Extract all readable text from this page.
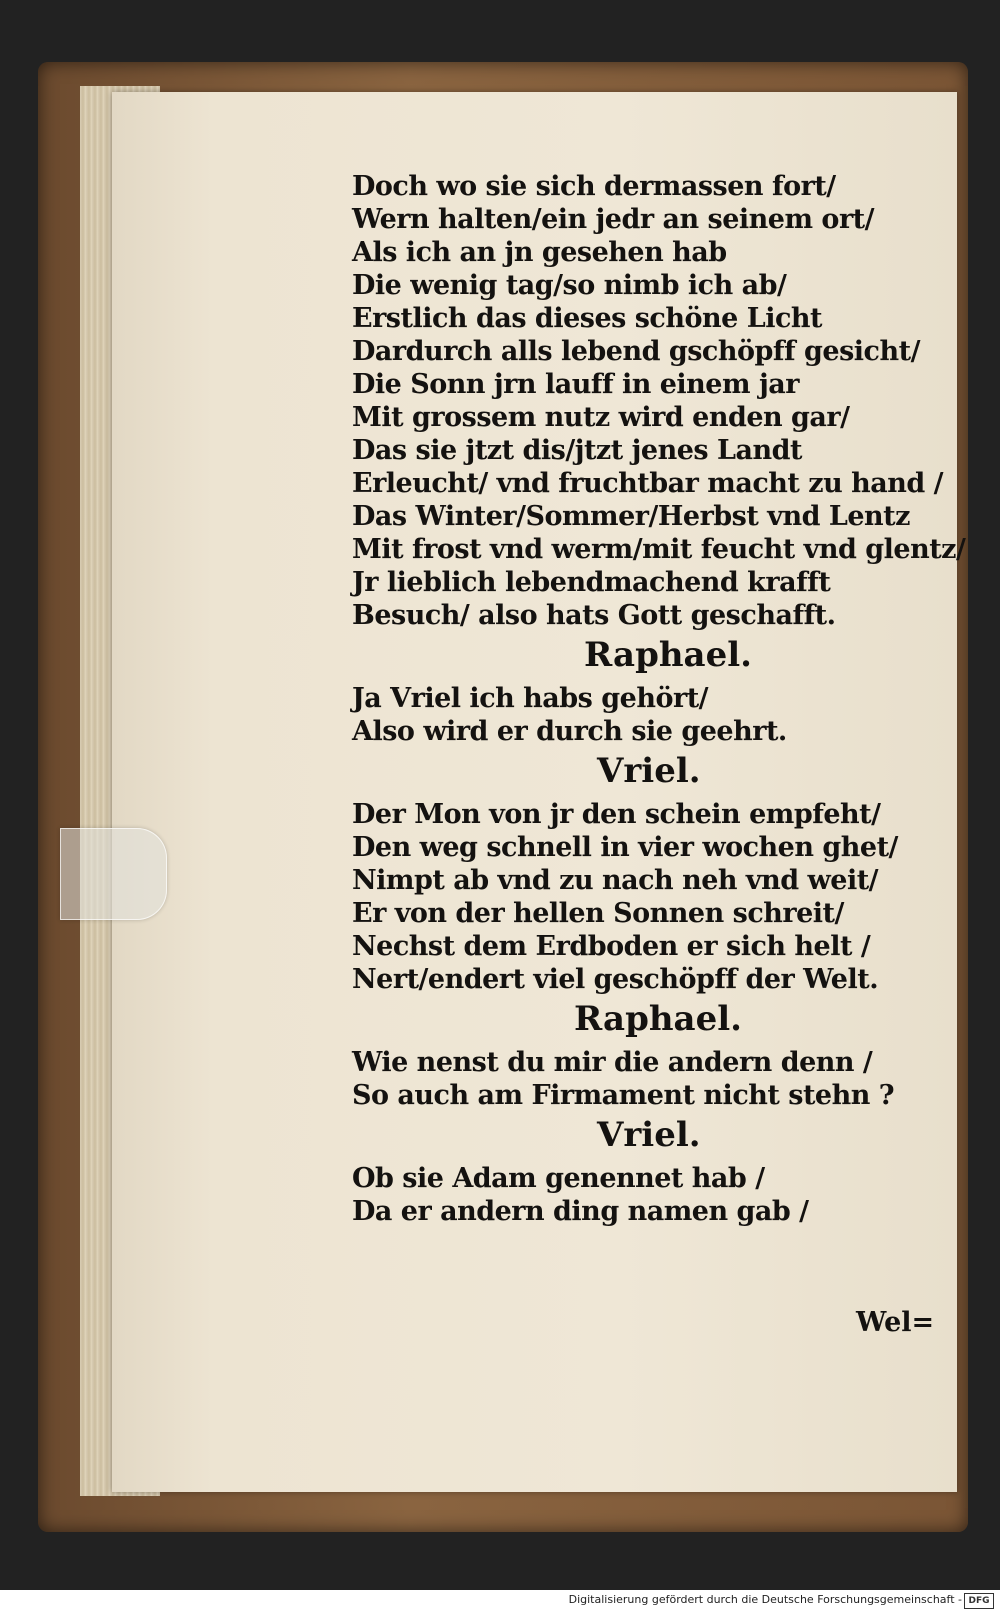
Doch wo sie sich dermassen fort/
Wern halten/ein jedr an seinem ort/
Als ich an jn gesehen hab
Die wenig tag/so nimb ich ab/
Erstlich das dieses schöne Licht
Dardurch alls lebend gschöpff gesicht/
Die Sonn jrn lauff in einem jar
Mit grossem nutz wird enden gar/
Das sie jtzt dis/jtzt jenes Landt
Erleucht/ vnd fruchtbar macht zu hand /
Das Winter/Sommer/Herbst vnd Lentz
Mit frost vnd werm/mit feucht vnd glentz/
Jr lieblich lebendmachend krafft
Besuch/ also hats Gott geschafft.
Raphael.
Ja Vriel ich habs gehört/
Also wird er durch sie geehrt.
Vriel.
Der Mon von jr den schein empfeht/
Den weg schnell in vier wochen ghet/
Nimpt ab vnd zu nach neh vnd weit/
Er von der hellen Sonnen schreit/
Nechst dem Erdboden er sich helt /
Nert/endert viel geschöpff der Welt.
Raphael.
Wie nenst du mir die andern denn /
So auch am Firmament nicht stehn ?
Vriel.
Ob sie Adam genennet hab /
Da er andern ding namen gab /
Wel=
Digitalisierung gefördert durch die Deutsche Forschungsgemeinschaft - DFG
